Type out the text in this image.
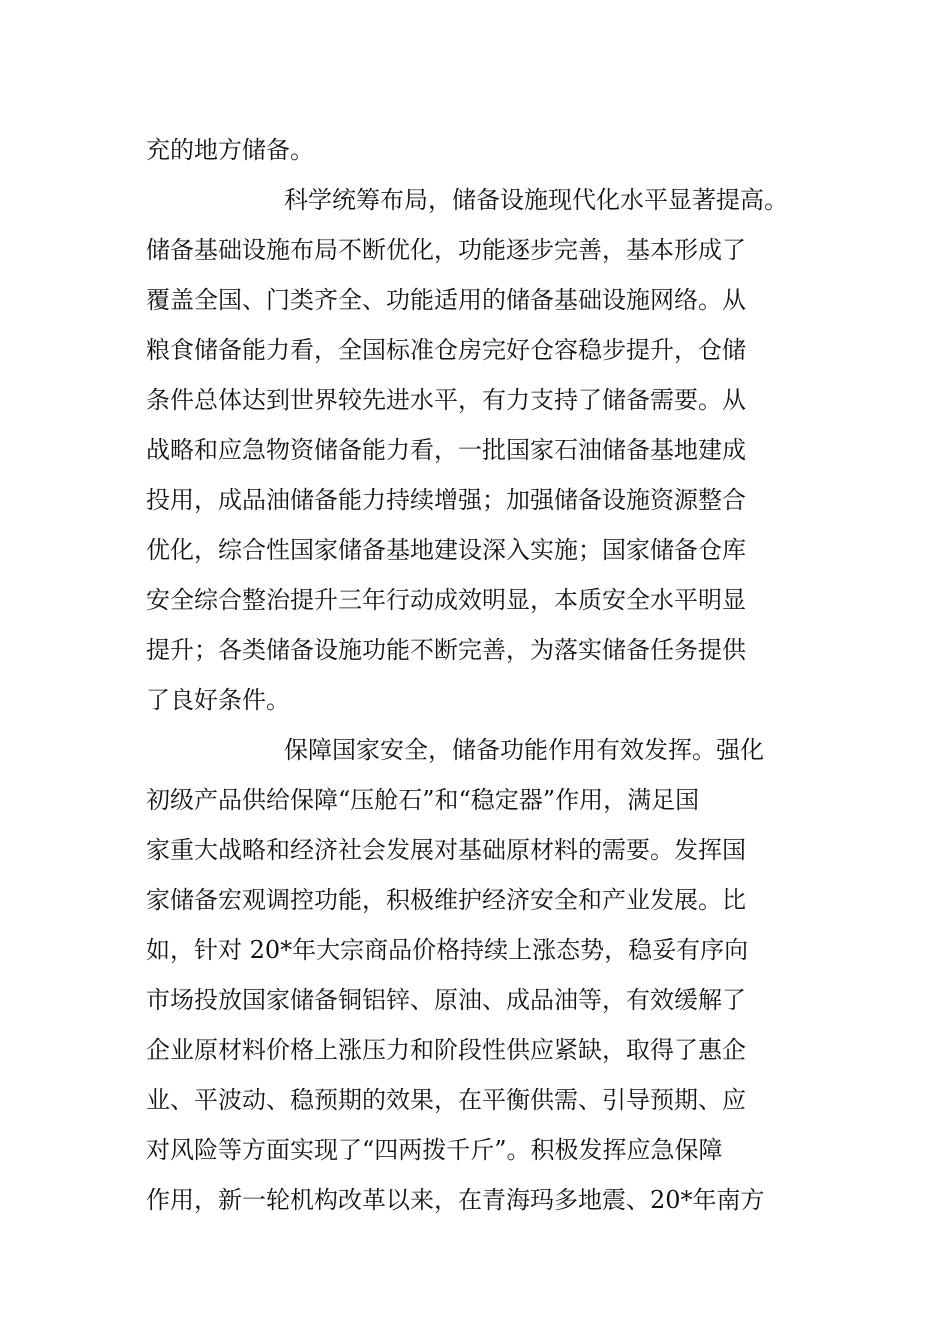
充的地方储备。
科学统筹布局，储备设施现代化水平显著提高。
储备基础设施布局不断优化，功能逐步完善，基本形成了
覆盖全国、门类齐全、功能适用的储备基础设施网络。从
粮食储备能力看，全国标准仓房完好仓容稳步提升，仓储
条件总体达到世界较先进水平，有力支持了储备需要。从
战略和应急物资储备能力看，一批国家石油储备基地建成
投用，成品油储备能力持续增强；加强储备设施资源整合
优化，综合性国家储备基地建设深入实施；国家储备仓库
安全综合整治提升三年行动成效明显，本质安全水平明显
提升；各类储备设施功能不断完善，为落实储备任务提供
了良好条件。
保障国家安全，储备功能作用有效发挥。强化
初级产品供给保障“压舱石”和“稳定器”作用，满足国
家重大战略和经济社会发展对基础原材料的需要。发挥国
家储备宏观调控功能，积极维护经济安全和产业发展。比
如，针对 20*年大宗商品价格持续上涨态势，稳妥有序向
市场投放国家储备铜铝锌、原油、成品油等，有效缓解了
企业原材料价格上涨压力和阶段性供应紧缺，取得了惠企
业、平波动、稳预期的效果，在平衡供需、引导预期、应
对风险等方面实现了“四两拨千斤”。积极发挥应急保障
作用，新一轮机构改革以来，在青海玛多地震、20*年南方
